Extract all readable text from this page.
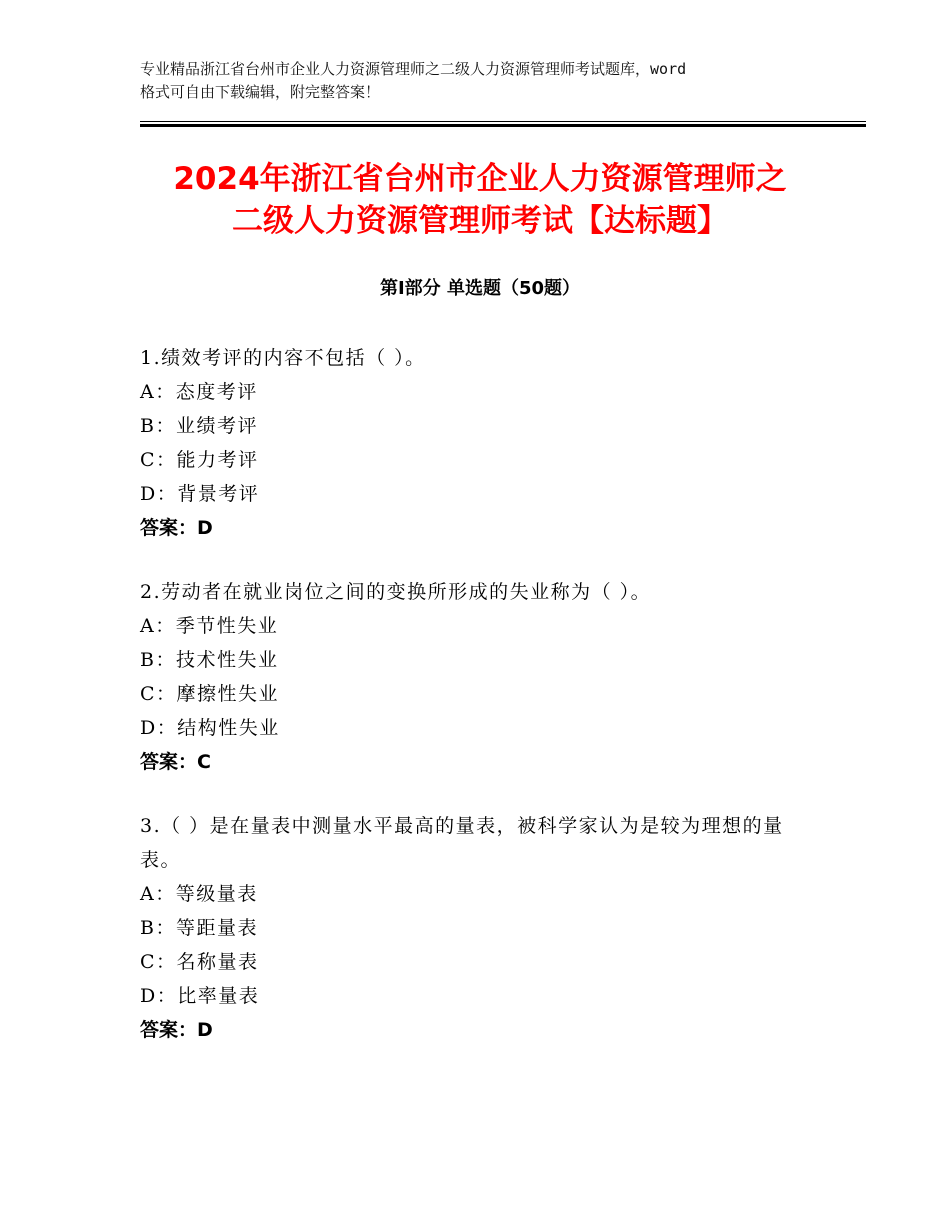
专业精品浙江省台州市企业人力资源管理师之二级人力资源管理师考试题库，word
格式可自由下载编辑，附完整答案！
2024年浙江省台州市企业人力资源管理师之
二级人力资源管理师考试【达标题】
第Ⅰ部分 单选题（50题）
1.绩效考评的内容不包括（ ）。
A：态度考评
B：业绩考评
C：能力考评
D：背景考评
答案：D
2.劳动者在就业岗位之间的变换所形成的失业称为（ ）。
A：季节性失业
B：技术性失业
C：摩擦性失业
D：结构性失业
答案：C
3.（ ）是在量表中测量水平最高的量表，被科学家认为是较为理想的量表。
A：等级量表
B：等距量表
C：名称量表
D：比率量表
答案：D
